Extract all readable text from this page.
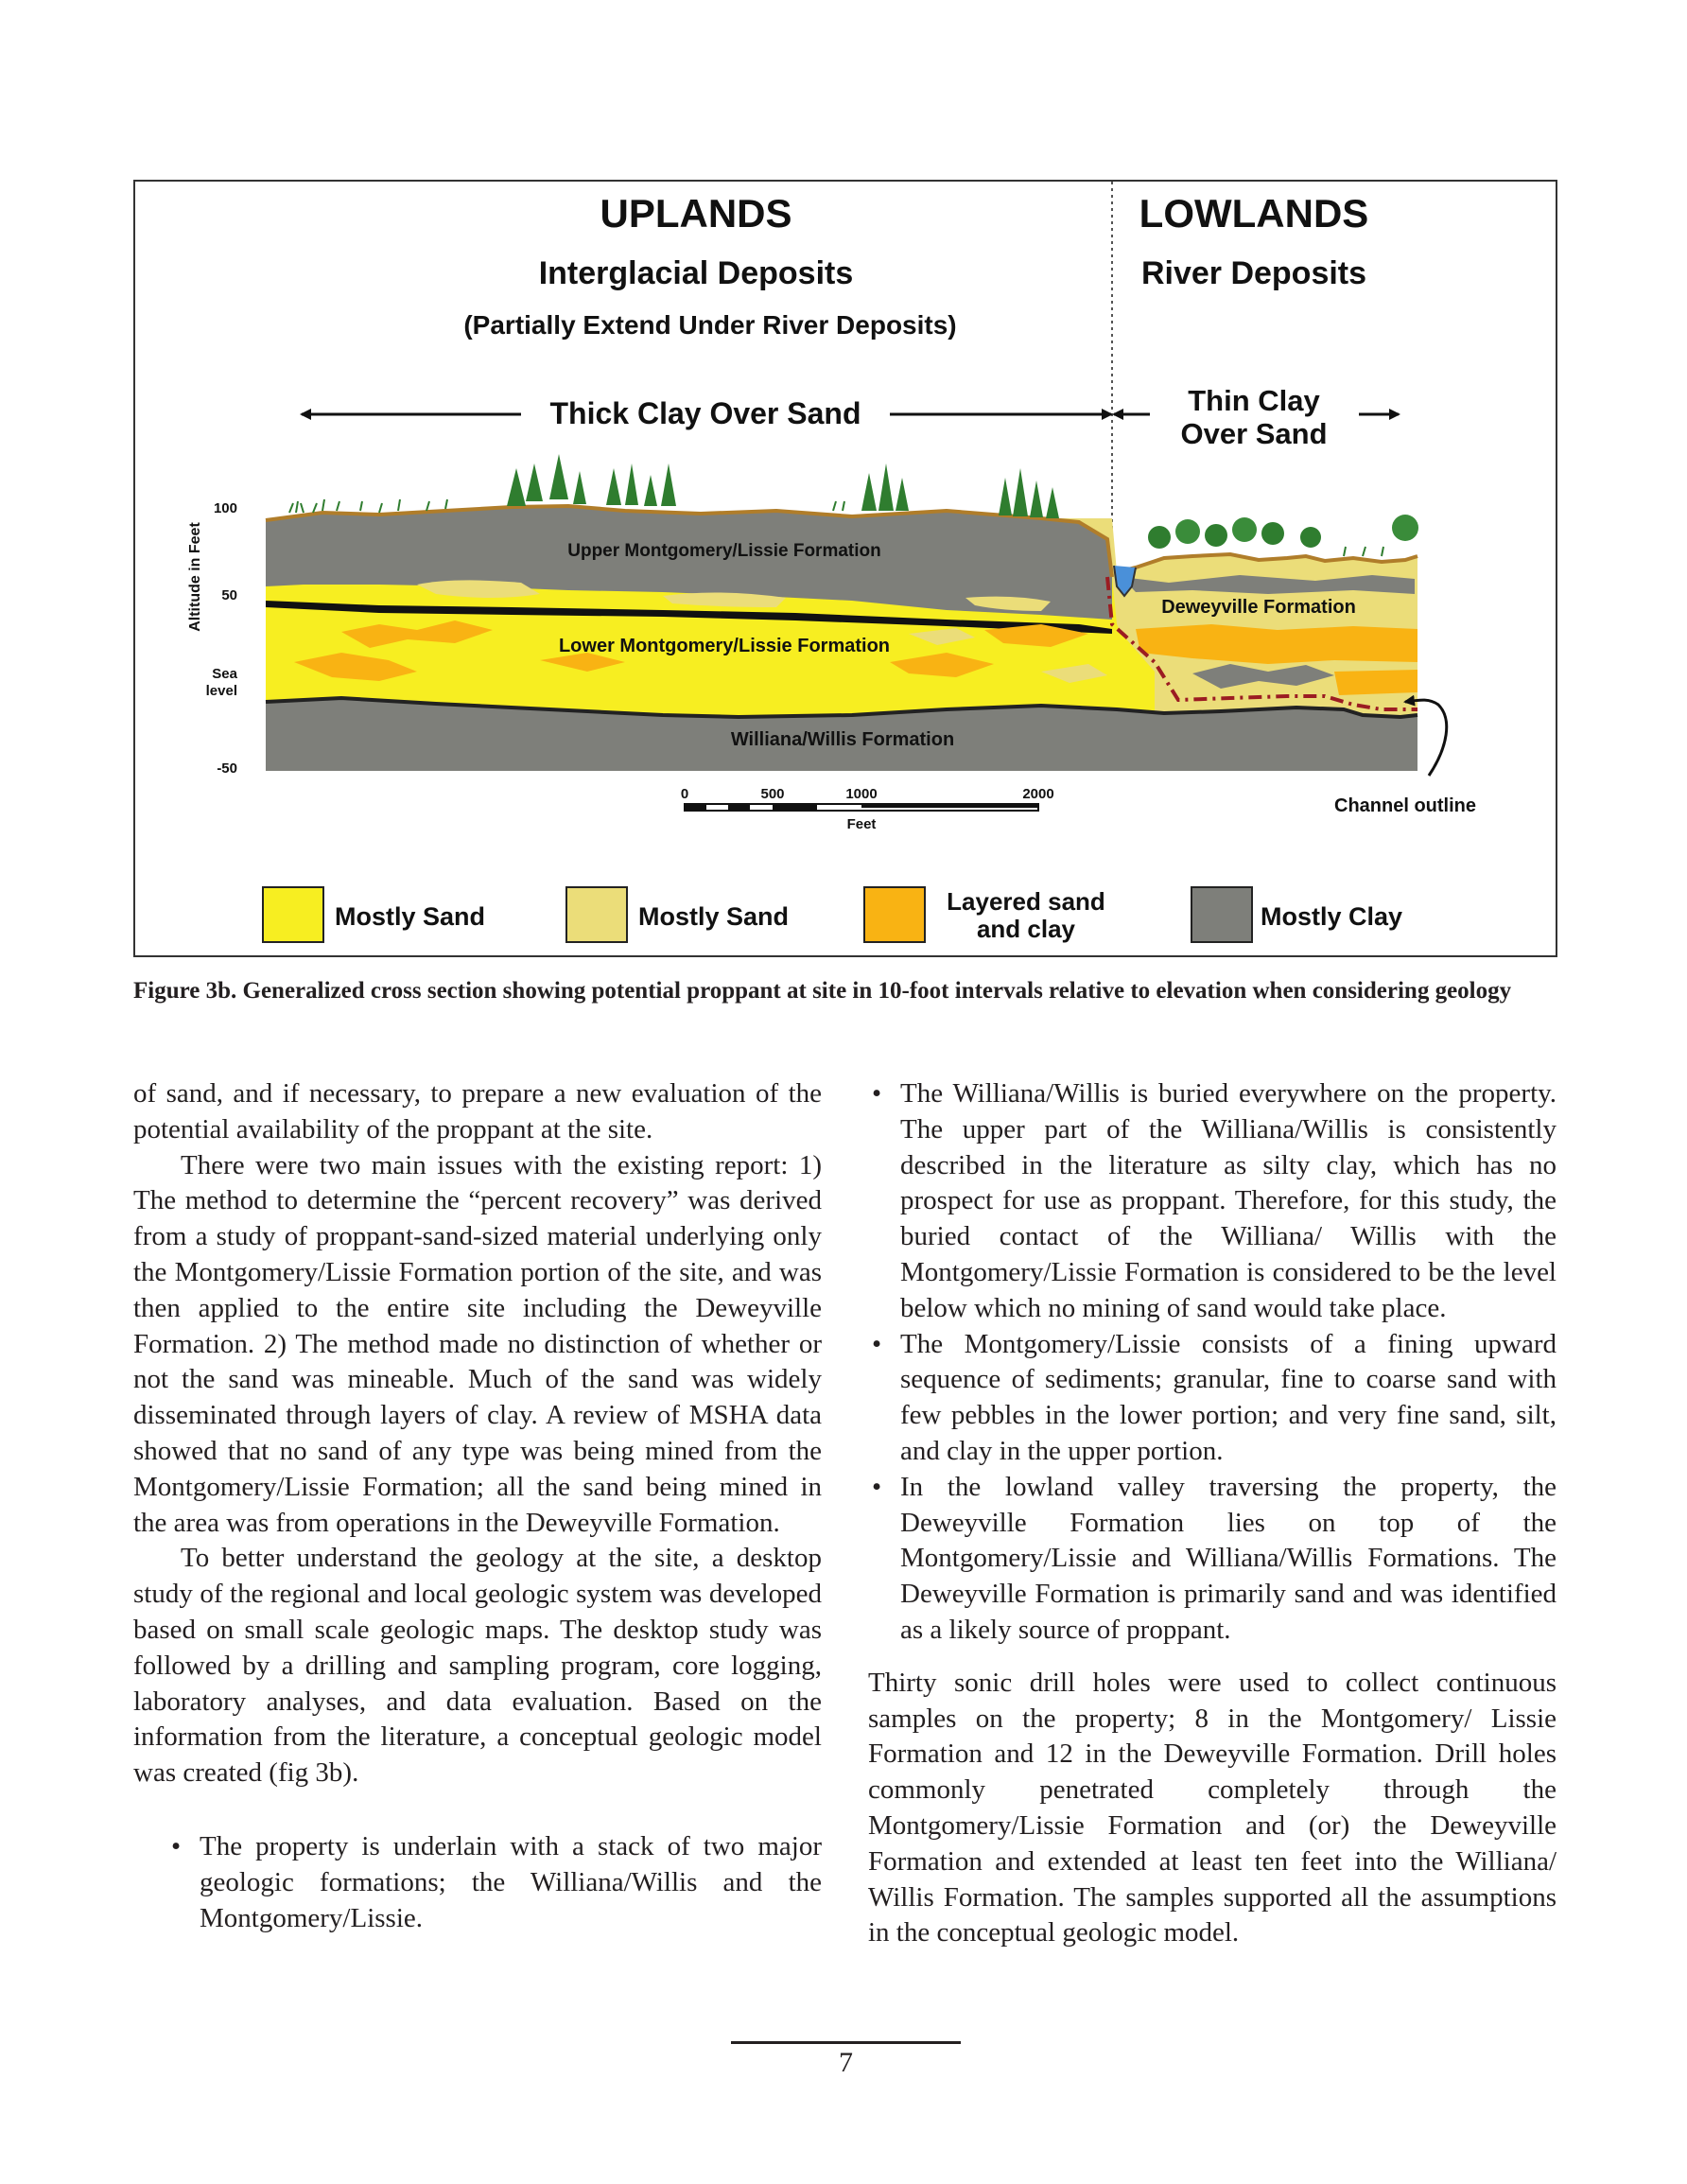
UPLANDS	LOWLANDS
Interglacial Deposits
(Partially Extend Under River Deposits)
River Deposits
Thick Clay Over Sand	Thin Clay
Over Sand
Altitude in Feet
100
50
Sea
level
-50
Upper Montgomery/Lissie Formation
Lower Montgomery/Lissie Formation
Williana/Willis Formation
Deweyville Formation
0	500	1000	2000
Feet
Channel outline
Mostly Sand	Mostly Sand
Layered sand
and clay	Mostly Clay
Figure 3b. Generalized cross section showing potential proppant at site in 10-foot intervals relative to elevation when considering geology

of sand, and if necessary, to prepare a new evaluation of the potential availability of the proppant at the site.

There were two main issues with the existing report: 1) The method to determine the “percent recovery” was derived from a study of proppant-sand-sized material underlying only the Montgomery/Lissie Formation portion of the site, and was then applied to the entire site including the Deweyville Formation. 2) The method made no distinction of whether or not the sand was mineable. Much of the sand was widely disseminated through layers of clay. A review of MSHA data showed that no sand of any type was being mined from the Montgomery/Lissie Formation; all the sand being mined in the area was from operations in the Deweyville Formation.

To better understand the geology at the site, a desktop study of the regional and local geologic system was developed based on small scale geologic maps. The desktop study was followed by a drilling and sampling program, core logging, laboratory analyses, and data evaluation. Based on the information from the literature, a conceptual geologic model was created (fig 3b).

• The property is underlain with a stack of two major geologic formations; the Williana/Willis and the Montgomery/Lissie.
• The Williana/Willis is buried everywhere on the property. The upper part of the Williana/Willis is consistently described in the literature as silty clay, which has no prospect for use as proppant. Therefore, for this study, the buried contact of the Williana/ Willis with the Montgomery/Lissie Formation is considered to be the level below which no mining of sand would take place.
• The Montgomery/Lissie consists of a fining upward sequence of sediments; granular, fine to coarse sand with few pebbles in the lower portion; and very fine sand, silt, and clay in the upper portion.
• In the lowland valley traversing the property, the Deweyville Formation lies on top of the Montgomery/Lissie and Williana/Willis Formations. The Deweyville Formation is primarily sand and was identified as a likely source of proppant.

Thirty sonic drill holes were used to collect continuous samples on the property; 8 in the Montgomery/ Lissie Formation and 12 in the Deweyville Formation. Drill holes commonly penetrated completely through the Montgomery/Lissie Formation and (or) the Deweyville Formation and extended at least ten feet into the Williana/ Willis Formation. The samples supported all the assumptions in the conceptual geologic model.

7
